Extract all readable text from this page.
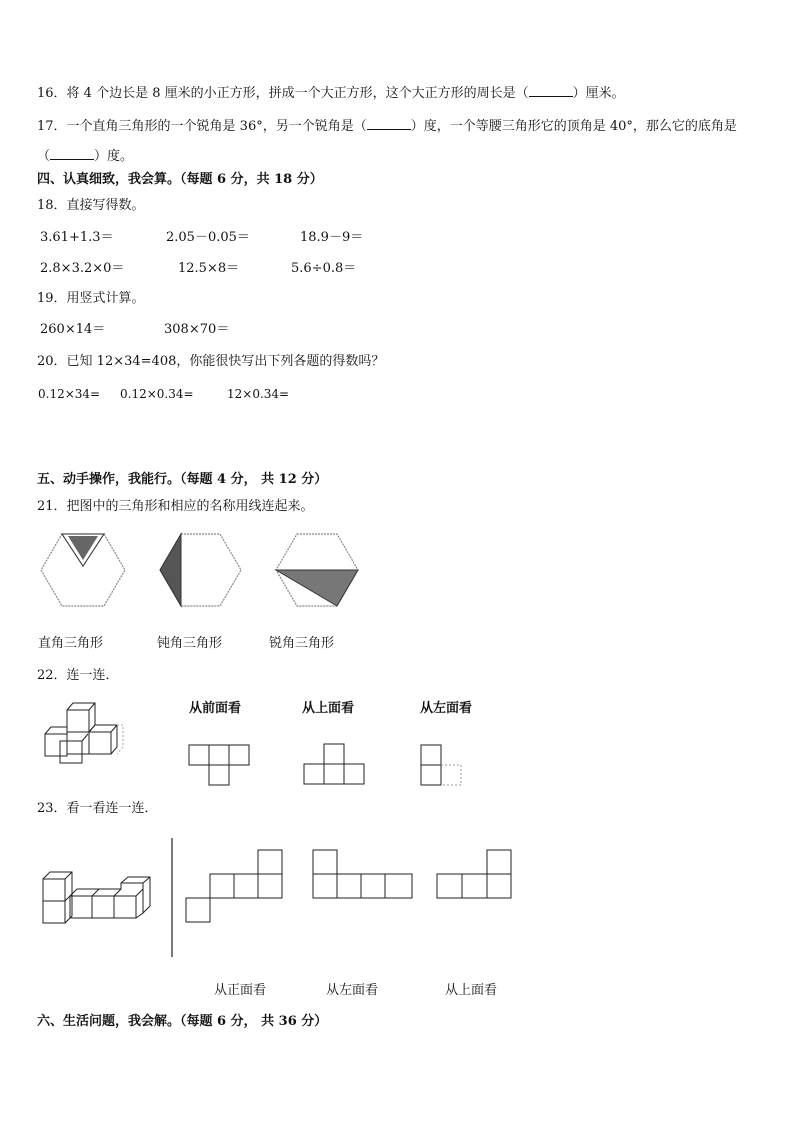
16．将 4 个边长是 8 厘米的小正方形，拼成一个大正方形，这个大正方形的周长是（	）厘米。
17．一个直角三角形的一个锐角是 36°，另一个锐角是（	）度，一个等腰三角形它的顶角是 40°，那么它的底角是
（	）度。
四、认真细致，我会算。（每题 6 分，共 18 分）
18．直接写得数。
3.61+1.3＝	2.05－0.05＝	18.9－9＝
2.8×3.2×0＝	12.5×8＝	5.6÷0.8＝
19．用竖式计算。
260×14＝	308×70＝
20．已知 12×34=408，你能很快写出下列各题的得数吗？
0.12×34= 0.12×0.34=	12×0.34=
五、动手操作，我能行。（每题 4 分， 共 12 分）
21．把图中的三角形和相应的名称用线连起来。
直角三角形	钝角三角形	锐角三角形
22．连一连．
从前面看	从上面看	从左面看
23．看一看连一连．
从正面看	从左面看	从上面看
六、生活问题，我会解。（每题 6 分， 共 36 分）
